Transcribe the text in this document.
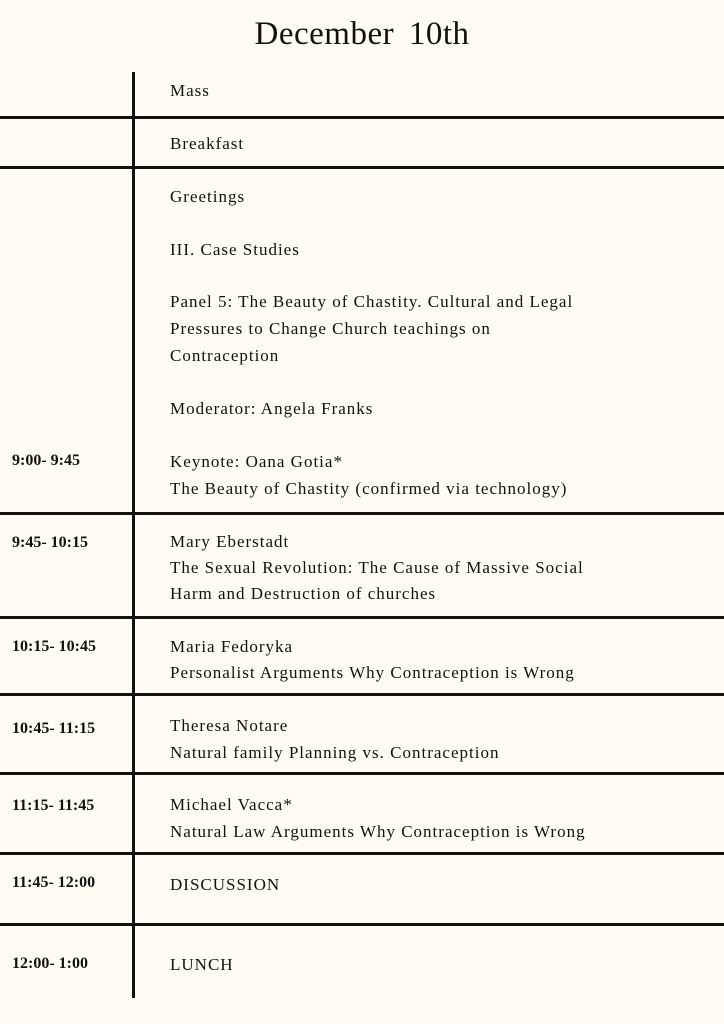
December 10th
Mass
Breakfast
Greetings
III. Case Studies
Panel 5: The Beauty of Chastity. Cultural and Legal
Pressures to Change Church teachings on
Contraception
Moderator: Angela Franks
9:00- 9:45	Keynote: Oana Gotia*
The Beauty of Chastity (confirmed via technology)
9:45- 10:15	Mary Eberstadt
The Sexual Revolution: The Cause of Massive Social
Harm and Destruction of churches
10:15- 10:45	Maria Fedoryka
Personalist Arguments Why Contraception is Wrong
10:45- 11:15	Theresa Notare
Natural family Planning vs. Contraception
11:15- 11:45	Michael Vacca*
Natural Law Arguments Why Contraception is Wrong
11:45- 12:00	DISCUSSION
12:00- 1:00	LUNCH
